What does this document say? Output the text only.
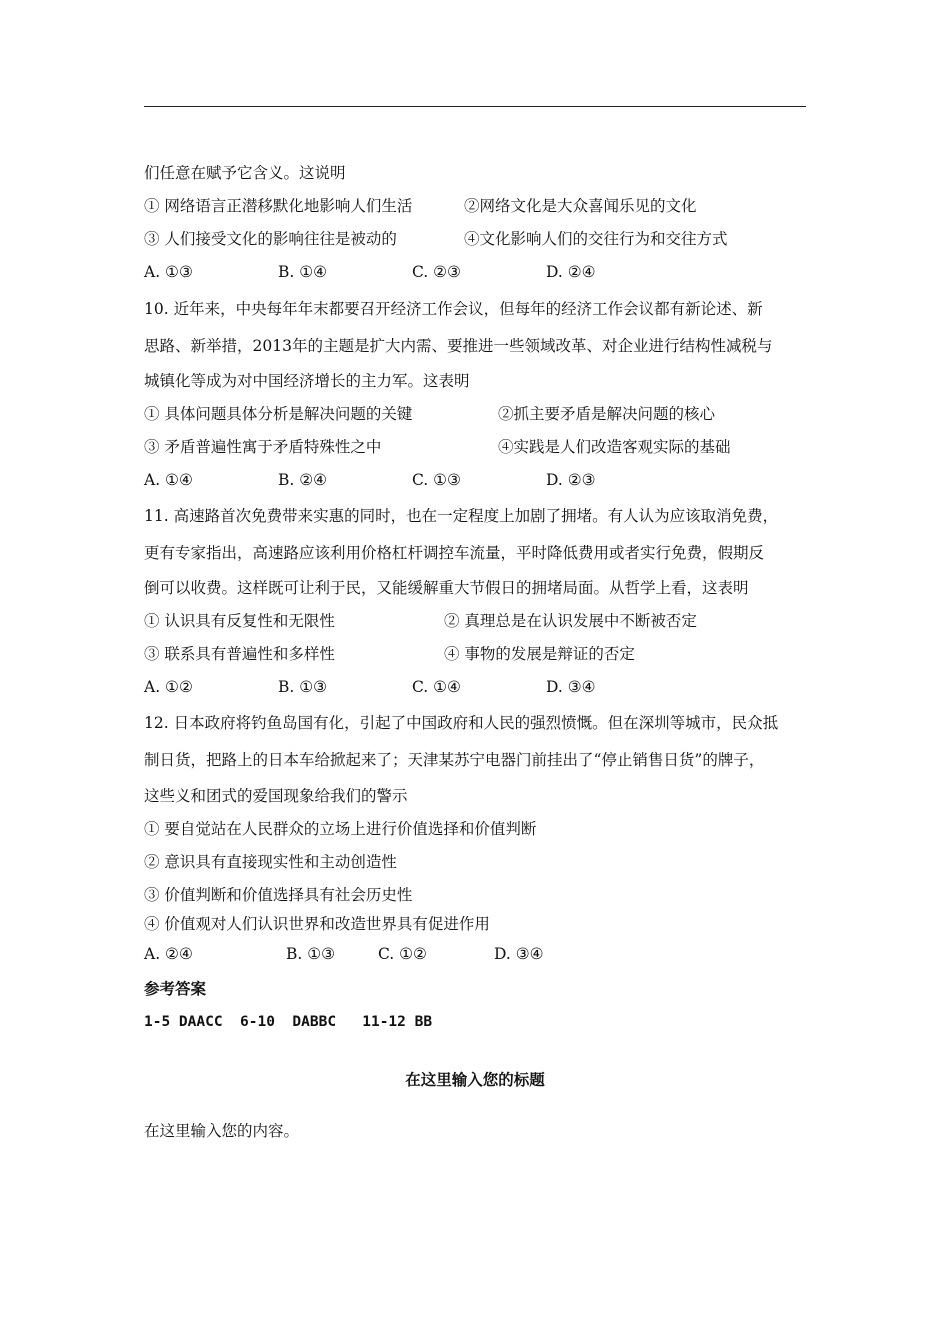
们任意在赋予它含义。这说明
① 网络语言正潜移默化地影响人们生活	②网络文化是大众喜闻乐见的文化
③ 人们接受文化的影响往往是被动的	④文化影响人们的交往行为和交往方式
A. ①③	B. ①④	C. ②③	D. ②④
10. 近年来，中央每年年末都要召开经济工作会议，但每年的经济工作会议都有新论述、新
思路、新举措，2013年的主题是扩大内需、要推进一些领域改革、对企业进行结构性减税与
城镇化等成为对中国经济增长的主力军。这表明
① 具体问题具体分析是解决问题的关键	②抓主要矛盾是解决问题的核心
③ 矛盾普遍性寓于矛盾特殊性之中	④实践是人们改造客观实际的基础
A. ①④	B. ②④	C. ①③	D. ②③
11. 高速路首次免费带来实惠的同时，也在一定程度上加剧了拥堵。有人认为应该取消免费，
更有专家指出，高速路应该利用价格杠杆调控车流量，平时降低费用或者实行免费，假期反
倒可以收费。这样既可让利于民，又能缓解重大节假日的拥堵局面。从哲学上看，这表明
① 认识具有反复性和无限性	② 真理总是在认识发展中不断被否定
③ 联系具有普遍性和多样性	④ 事物的发展是辩证的否定
A. ①②	B. ①③	C. ①④	D. ③④
12. 日本政府将钓鱼岛国有化，引起了中国政府和人民的强烈愤慨。但在深圳等城市，民众抵
制日货，把路上的日本车给掀起来了；天津某苏宁电器门前挂出了“停止销售日货”的牌子，
这些义和团式的爱国现象给我们的警示
① 要自觉站在人民群众的立场上进行价值选择和价值判断
② 意识具有直接现实性和主动创造性
③ 价值判断和价值选择具有社会历史性
④ 价值观对人们认识世界和改造世界具有促进作用
A. ②④	B. ①③	C. ①②	D. ③④
参考答案
1-5 DAACC  6-10  DABBC   11-12 BB
在这里输入您的标题
在这里输入您的内容。
